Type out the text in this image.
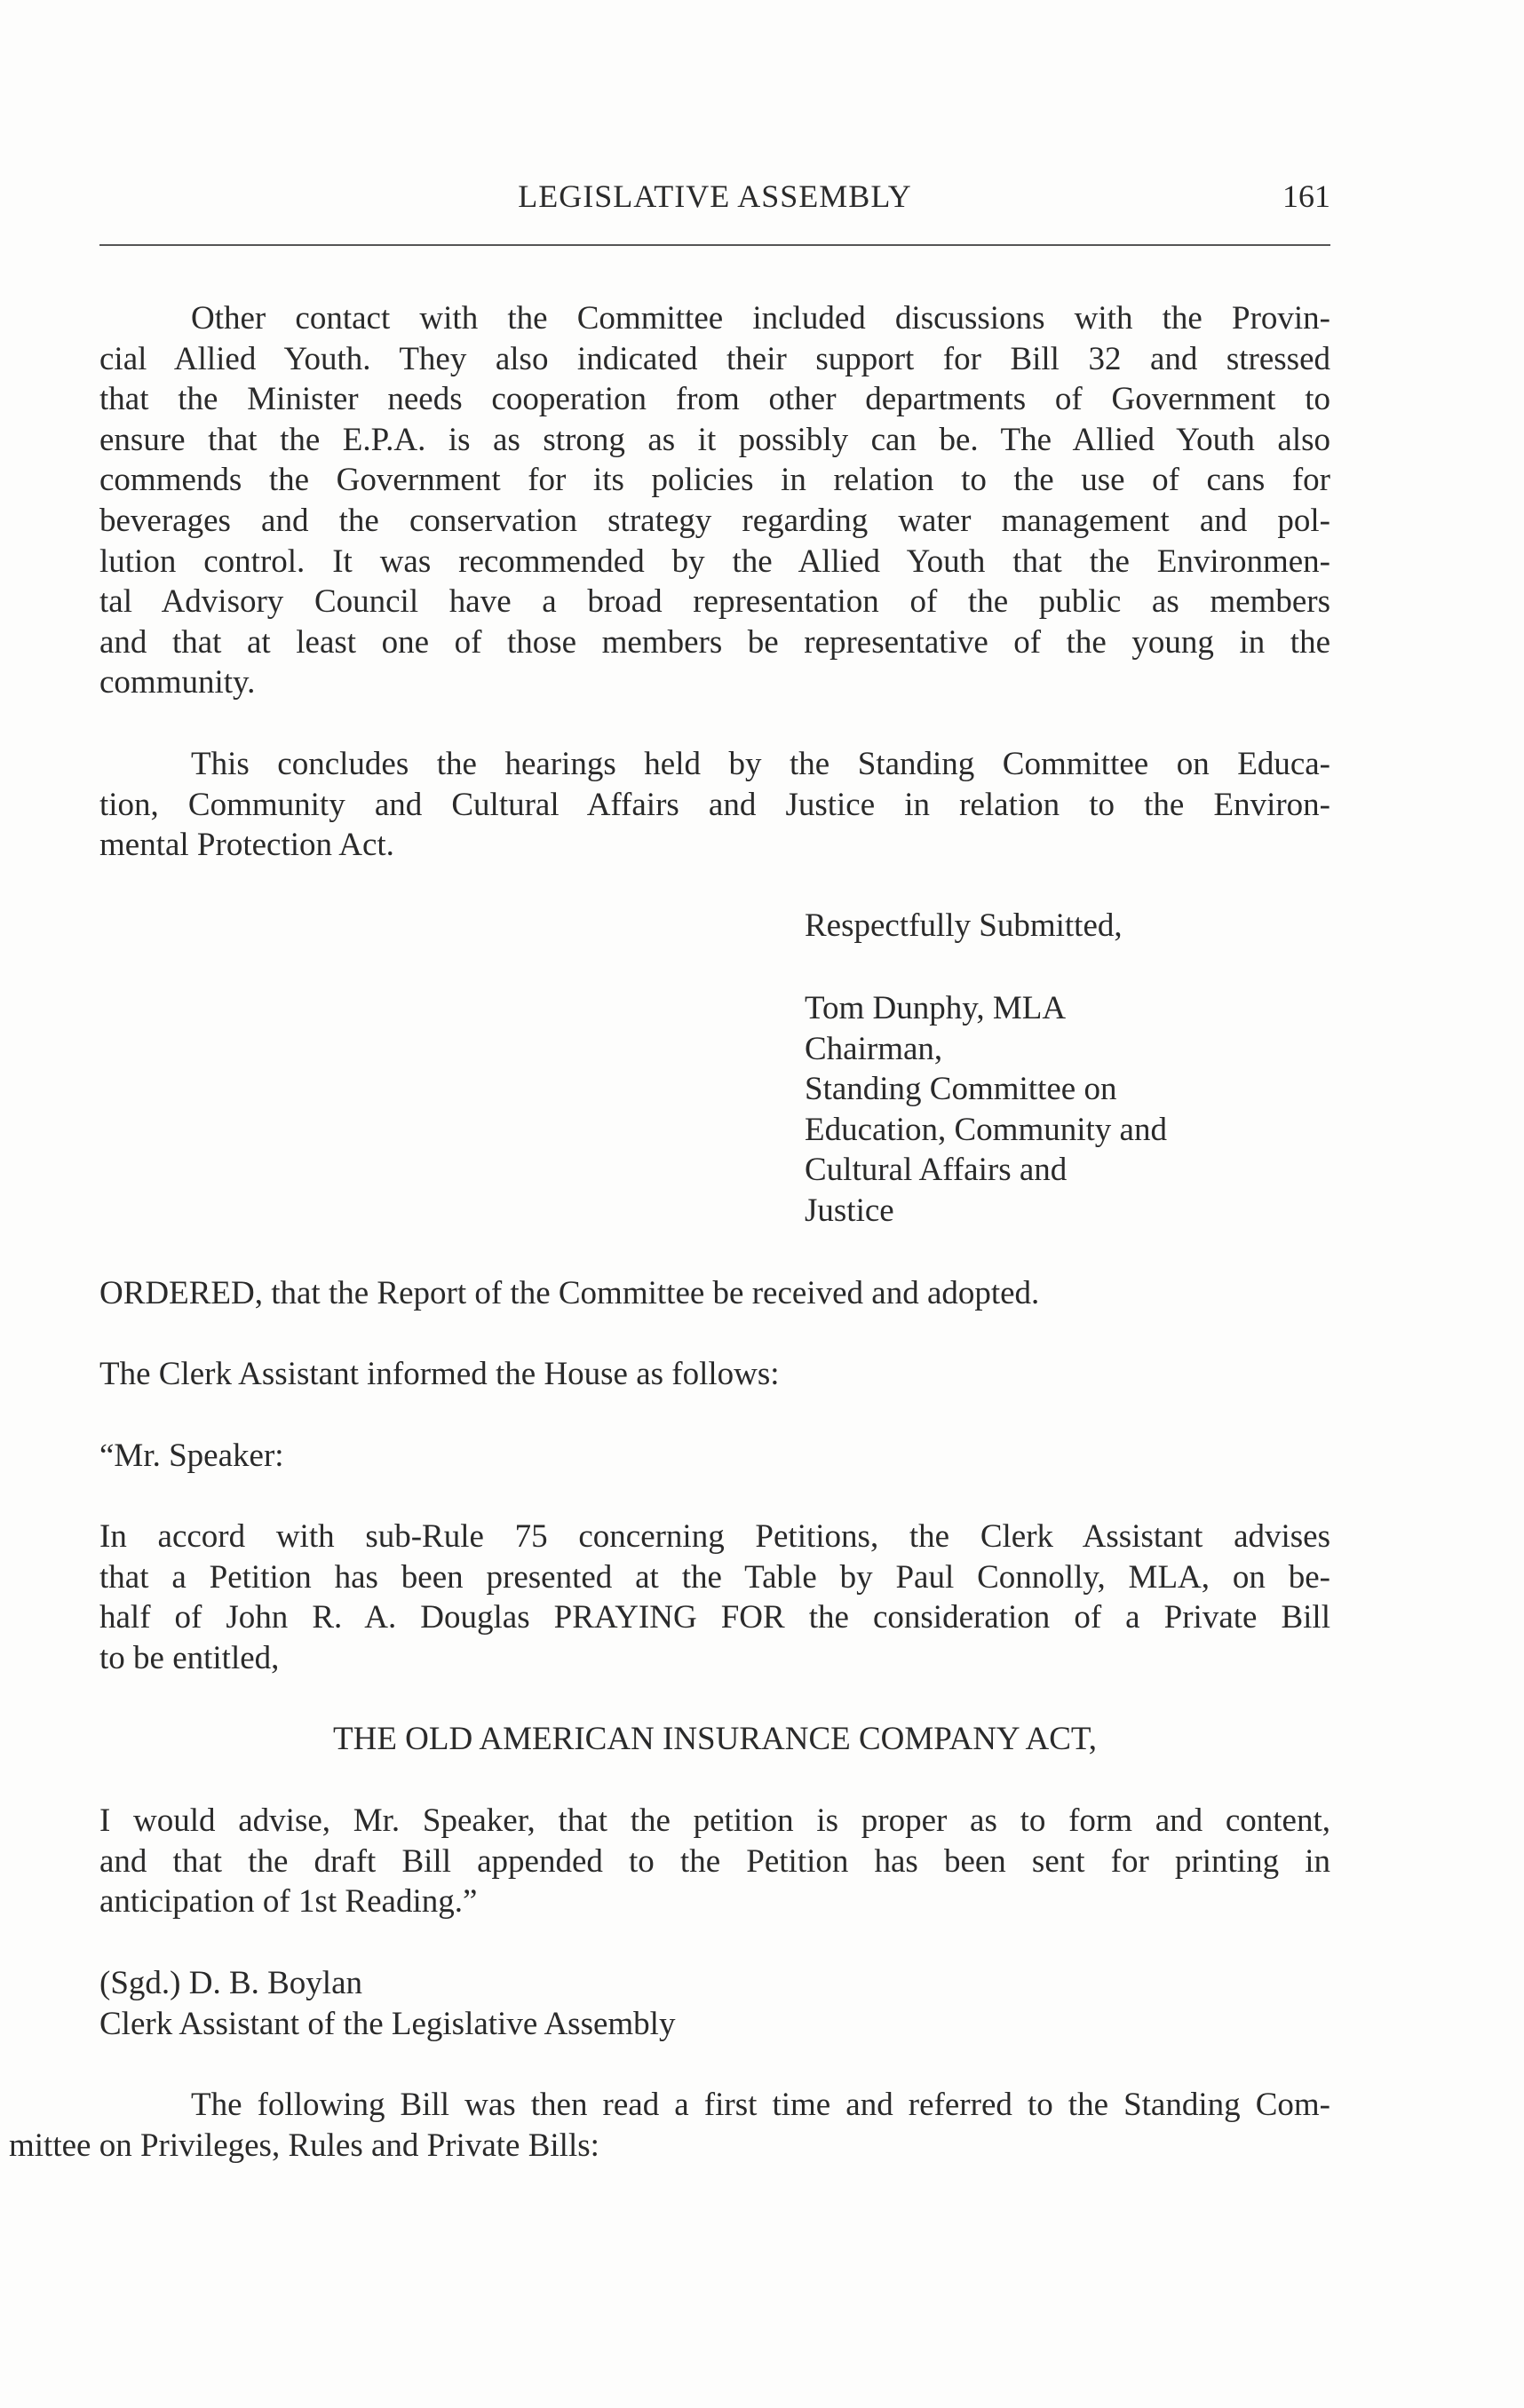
LEGISLATIVE ASSEMBLY	161
Other contact with the Committee included discussions with the Provin-
cial Allied Youth. They also indicated their support for Bill 32 and stressed
that the Minister needs cooperation from other departments of Government to
ensure that the E.P.A. is as strong as it possibly can be. The Allied Youth also
commends the Government for its policies in relation to the use of cans for
beverages and the conservation strategy regarding water management and pol-
lution control. It was recommended by the Allied Youth that the Environmen-
tal Advisory Council have a broad representation of the public as members
and that at least one of those members be representative of the young in the
community.
This concludes the hearings held by the Standing Committee on Educa-
tion, Community and Cultural Affairs and Justice in relation to the Environ-
mental Protection Act.
Respectfully Submitted,
Tom Dunphy, MLA
Chairman,
Standing Committee on
Education, Community and
Cultural Affairs and
Justice
ORDERED, that the Report of the Committee be received and adopted.
The Clerk Assistant informed the House as follows:
“Mr. Speaker:
In accord with sub-Rule 75 concerning Petitions, the Clerk Assistant advises
that a Petition has been presented at the Table by Paul Connolly, MLA, on be-
half of John R. A. Douglas PRAYING FOR the consideration of a Private Bill
to be entitled,
THE OLD AMERICAN INSURANCE COMPANY ACT,
I would advise, Mr. Speaker, that the petition is proper as to form and content,
and that the draft Bill appended to the Petition has been sent for printing in
anticipation of 1st Reading.”
(Sgd.) D. B. Boylan
Clerk Assistant of the Legislative Assembly
The following Bill was then read a first time and referred to the Standing Com-
mittee on Privileges, Rules and Private Bills:
